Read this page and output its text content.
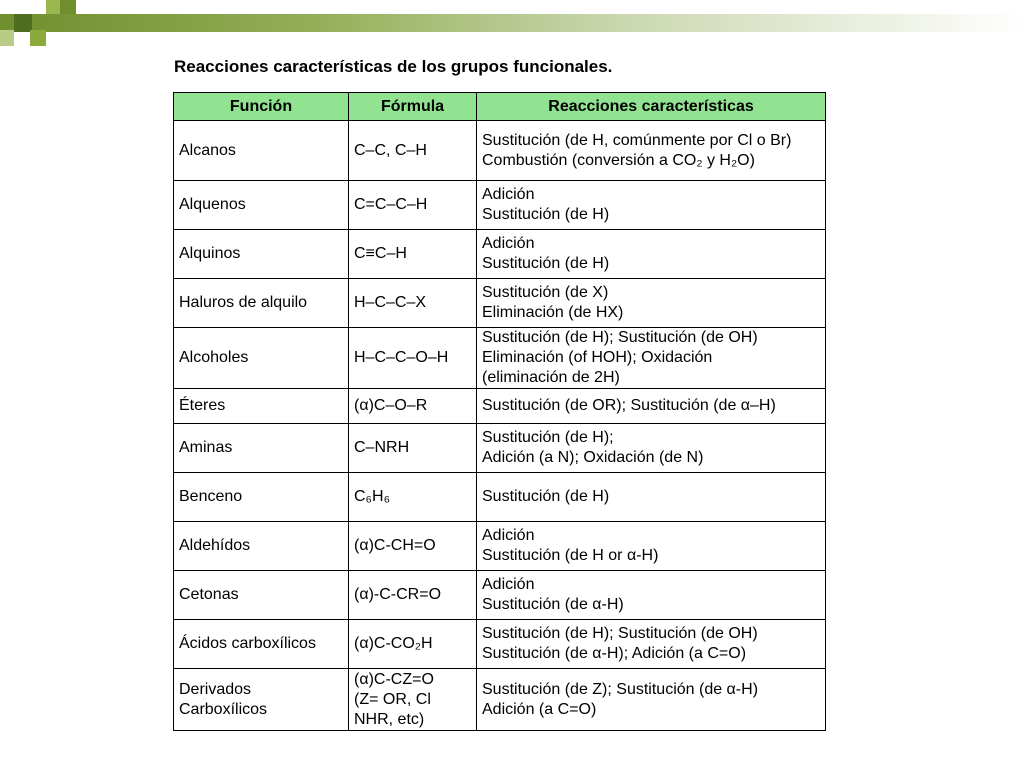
Reacciones características de los grupos funcionales.
Función	Fórmula	Reacciones características

Alcanos	C–C, C–H	Sustitución (de H, comúnmente por Cl o Br)
Combustión (conversión a CO₂ y H₂O)

Alquenos	C=C–C–H	Adición
Sustitución (de H)

Alquinos	C≡C–H	Adición
Sustitución (de H)

Haluros de alquilo	H–C–C–X	Sustitución (de X)
Eliminación (de HX)

Alcoholes	H–C–C–O–H	Sustitución (de H); Sustitución (de OH)
Eliminación (of HOH); Oxidación
(eliminación de 2H)

Éteres	(α)C–O–R	Sustitución (de OR); Sustitución (de α–H)

Aminas	C–NRH	Sustitución (de H);
Adición (a N); Oxidación (de N)

Benceno	C₆H₆	Sustitución (de H)

Aldehídos	(α)C-CH=O	Adición
Sustitución (de H or α-H)

Cetonas	(α)-C-CR=O	Adición
Sustitución (de α-H)

Ácidos carboxílicos	(α)C-CO₂H	Sustitución (de H); Sustitución (de OH)
Sustitución (de α-H); Adición (a C=O)

Derivados
Carboxílicos	(α)C-CZ=O
(Z= OR, Cl
NHR, etc)	Sustitución (de Z); Sustitución (de α-H)
Adición (a C=O)
